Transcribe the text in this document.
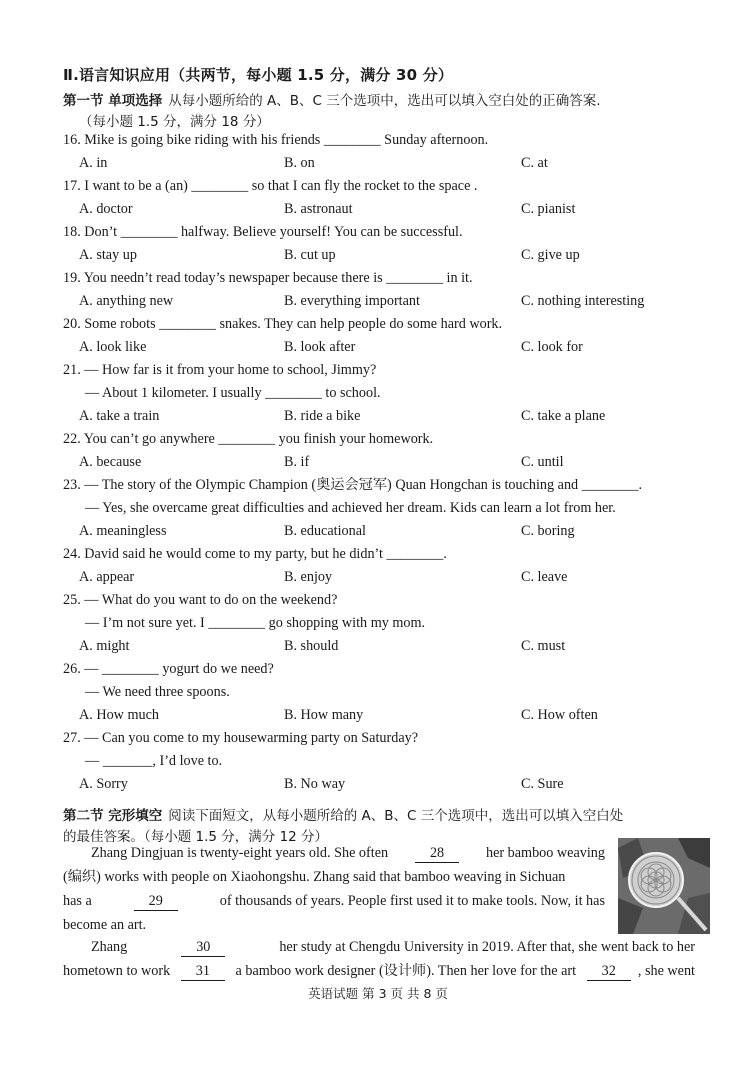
Ⅱ.语言知识应用（共两节，每小题 1.5 分，满分 30 分）
第一节 单项选择 从每小题所给的 A、B、C 三个选项中，选出可以填入空白处的正确答案.
（每小题 1.5 分，满分 18 分）
16. Mike is going bike riding with his friends ________ Sunday afternoon.
A. in	B. on	C. at
17. I want to be a (an) ________ so that I can fly the rocket to the space .
A. doctor	B. astronaut	C. pianist
18. Don’t ________ halfway. Believe yourself! You can be successful.
A. stay up	B. cut up	C. give up
19. You needn’t read today’s newspaper because there is ________ in it.
A. anything new	B. everything important	C. nothing interesting
20. Some robots ________ snakes. They can help people do some hard work.
A. look like	B. look after	C. look for
21. — How far is it from your home to school, Jimmy?
— About 1 kilometer. I usually ________ to school.
A. take a train	B. ride a bike	C. take a plane
22. You can’t go anywhere ________ you finish your homework.
A. because	B. if	C. until
23. — The story of the Olympic Champion (奥运会冠军) Quan Hongchan is touching and ________.
— Yes, she overcame great difficulties and achieved her dream. Kids can learn a lot from her.
A. meaningless	B. educational	C. boring
24. David said he would come to my party, but he didn’t ________.
A. appear	B. enjoy	C. leave
25. — What do you want to do on the weekend?
— I’m not sure yet. I ________ go shopping with my mom.
A. might	B. should	C. must
26. — ________ yogurt do we need?
— We need three spoons.
A. How much	B. How many	C. How often
27. — Can you come to my housewarming party on Saturday?
— _______, I’d love to.
A. Sorry	B. No way	C. Sure
第二节 完形填空 阅读下面短文，从每小题所给的 A、B、C 三个选项中，选出可以填入空白处
的最佳答案。（每小题 1.5 分，满分 12 分）
Zhang Dingjuan is twenty-eight years old. She often	28	her bamboo weaving
(编织) works with people on Xiaohongshu. Zhang said that bamboo weaving in Sichuan
has a	29	of thousands of years. People first used it to make tools. Now, it has
become an art.
Zhang	30	her study at Chengdu University in 2019. After that, she went back to her
hometown to work	31	a bamboo work designer (设计师). Then her love for the art	32	, she went
英语试题 第 3 页 共 8 页
